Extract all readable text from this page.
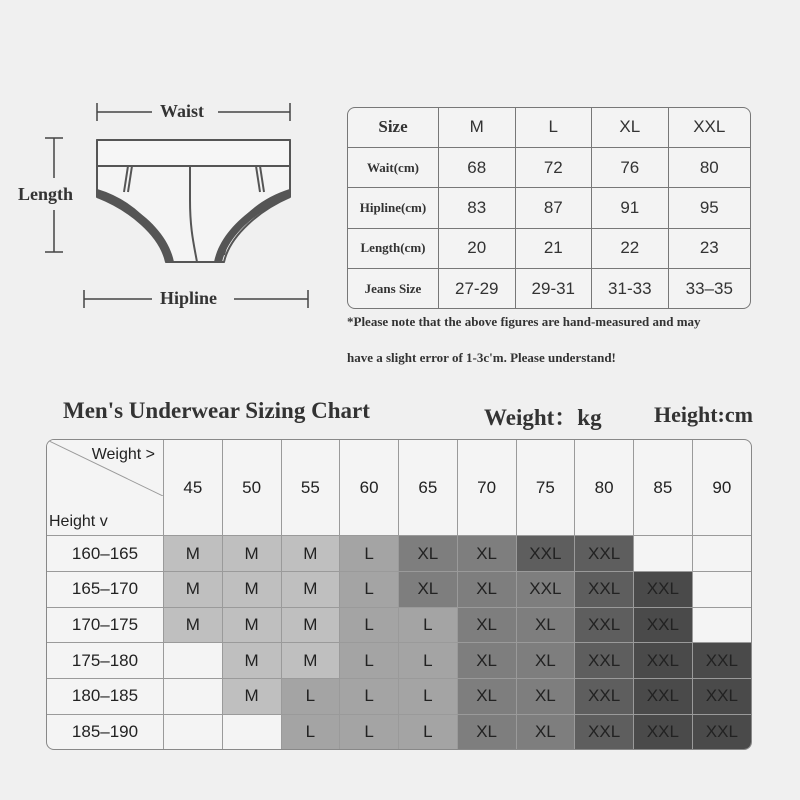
Waist
Length
Hipline
Size	M	L	XL	XXL
Wait(cm)	68	72	76	80
Hipline(cm)	83	87	91	95
Length(cm)	20	21	22	23
Jeans Size	27-29	29-31	31-33	33–35
*Please note that the above figures are hand-measured and may
have a slight error of 1-3c'm. Please understand!
Men's Underwear Sizing Chart	Weight：kg Height:cm
Weight >
Height v	45	50	55	60	65	70	75	80	85	90
160–165	M	M	M	L	XL	XL	XXL	XXL		
165–170	M	M	M	L	XL	XL	XXL	XXL	XXL	
170–175	M	M	M	L	L	XL	XL	XXL	XXL	
175–180		M	M	L	L	XL	XL	XXL	XXL	XXL
180–185		M	L	L	L	XL	XL	XXL	XXL	XXL
185–190			L	L	L	XL	XL	XXL	XXL	XXL
